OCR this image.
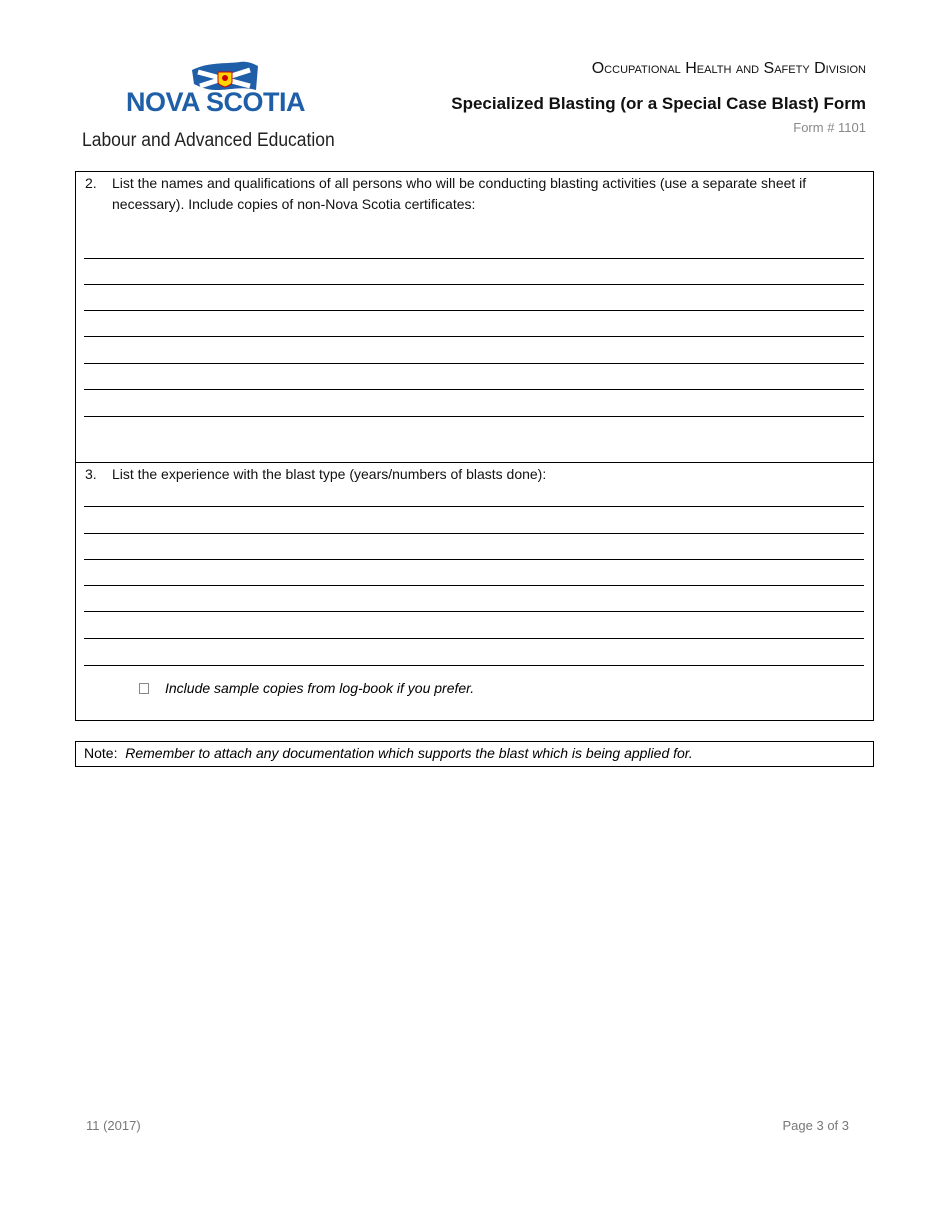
NOVA SCOTIA
Labour and Advanced Education
Occupational Health and Safety Division
Specialized Blasting (or a Special Case Blast) Form
Form # 1101
2. List the names and qualifications of all persons who will be conducting blasting activities (use a separate sheet if necessary). Include copies of non-Nova Scotia certificates:
3. List the experience with the blast type (years/numbers of blasts done):
Include sample copies from log-book if you prefer.
Note: Remember to attach any documentation which supports the blast which is being applied for.
11 (2017)	Page 3 of 3
